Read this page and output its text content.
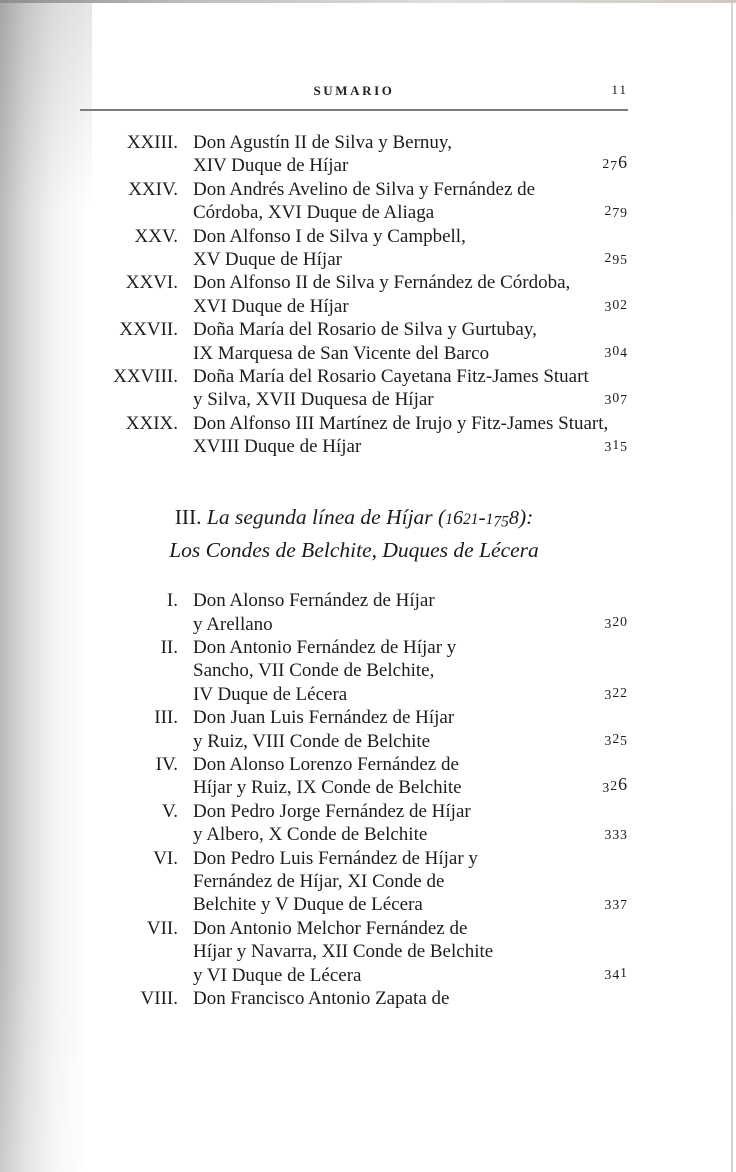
SUMARIO	11
XXIII. Don Agustín II de Silva y Bernuy,
XIV Duque de Híjar	276
XXIV. Don Andrés Avelino de Silva y Fernández de
Córdoba, XVI Duque de Aliaga	279
XXV. Don Alfonso I de Silva y Campbell,
XV Duque de Híjar	295
XXVI. Don Alfonso II de Silva y Fernández de Córdoba,
XVI Duque de Híjar	302
XXVII. Doña María del Rosario de Silva y Gurtubay,
IX Marquesa de San Vicente del Barco	304
XXVIII. Doña María del Rosario Cayetana Fitz-James Stuart
y Silva, XVII Duquesa de Híjar	307
XXIX. Don Alfonso III Martínez de Irujo y Fitz-James Stuart,
XVIII Duque de Híjar	315
III. La segunda línea de Híjar (1621-1758):
Los Condes de Belchite, Duques de Lécera
I. Don Alonso Fernández de Híjar
y Arellano	320
II. Don Antonio Fernández de Híjar y
Sancho, VII Conde de Belchite,
IV Duque de Lécera	322
III. Don Juan Luis Fernández de Híjar
y Ruiz, VIII Conde de Belchite	325
IV. Don Alonso Lorenzo Fernández de
Híjar y Ruiz, IX Conde de Belchite	326
V. Don Pedro Jorge Fernández de Híjar
y Albero, X Conde de Belchite	333
VI. Don Pedro Luis Fernández de Híjar y
Fernández de Híjar, XI Conde de
Belchite y V Duque de Lécera	337
VII. Don Antonio Melchor Fernández de
Híjar y Navarra, XII Conde de Belchite
y VI Duque de Lécera	341
VIII. Don Francisco Antonio Zapata de
